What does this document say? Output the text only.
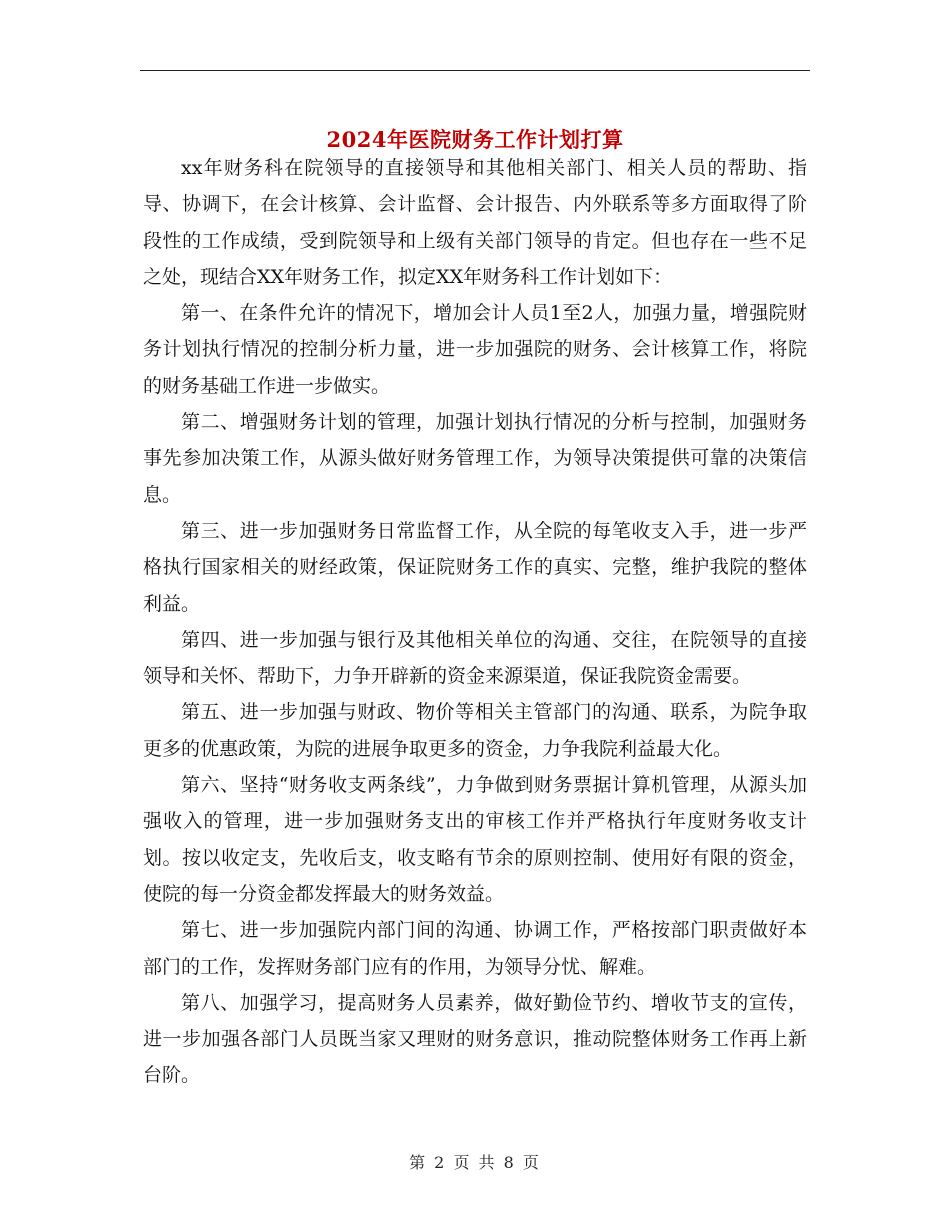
2024年医院财务工作计划打算

xx年财务科在院领导的直接领导和其他相关部门、相关人员的帮助、指导、协调下，在会计核算、会计监督、会计报告、内外联系等多方面取得了阶段性的工作成绩，受到院领导和上级有关部门领导的肯定。但也存在一些不足之处，现结合XX年财务工作，拟定XX年财务科工作计划如下：

第一、在条件允许的情况下，增加会计人员1至2人，加强力量，增强院财务计划执行情况的控制分析力量，进一步加强院的财务、会计核算工作，将院的财务基础工作进一步做实。

第二、增强财务计划的管理，加强计划执行情况的分析与控制，加强财务事先参加决策工作，从源头做好财务管理工作，为领导决策提供可靠的决策信息。

第三、进一步加强财务日常监督工作，从全院的每笔收支入手，进一步严格执行国家相关的财经政策，保证院财务工作的真实、完整，维护我院的整体利益。

第四、进一步加强与银行及其他相关单位的沟通、交往，在院领导的直接领导和关怀、帮助下，力争开辟新的资金来源渠道，保证我院资金需要。

第五、进一步加强与财政、物价等相关主管部门的沟通、联系，为院争取更多的优惠政策，为院的进展争取更多的资金，力争我院利益最大化。

第六、坚持“财务收支两条线”，力争做到财务票据计算机管理，从源头加强收入的管理，进一步加强财务支出的审核工作并严格执行年度财务收支计划。按以收定支，先收后支，收支略有节余的原则控制、使用好有限的资金，使院的每一分资金都发挥最大的财务效益。

第七、进一步加强院内部门间的沟通、协调工作，严格按部门职责做好本部门的工作，发挥财务部门应有的作用，为领导分忧、解难。

第八、加强学习，提高财务人员素养，做好勤俭节约、增收节支的宣传，进一步加强各部门人员既当家又理财的财务意识，推动院整体财务工作再上新台阶。

第 2 页 共 8 页
